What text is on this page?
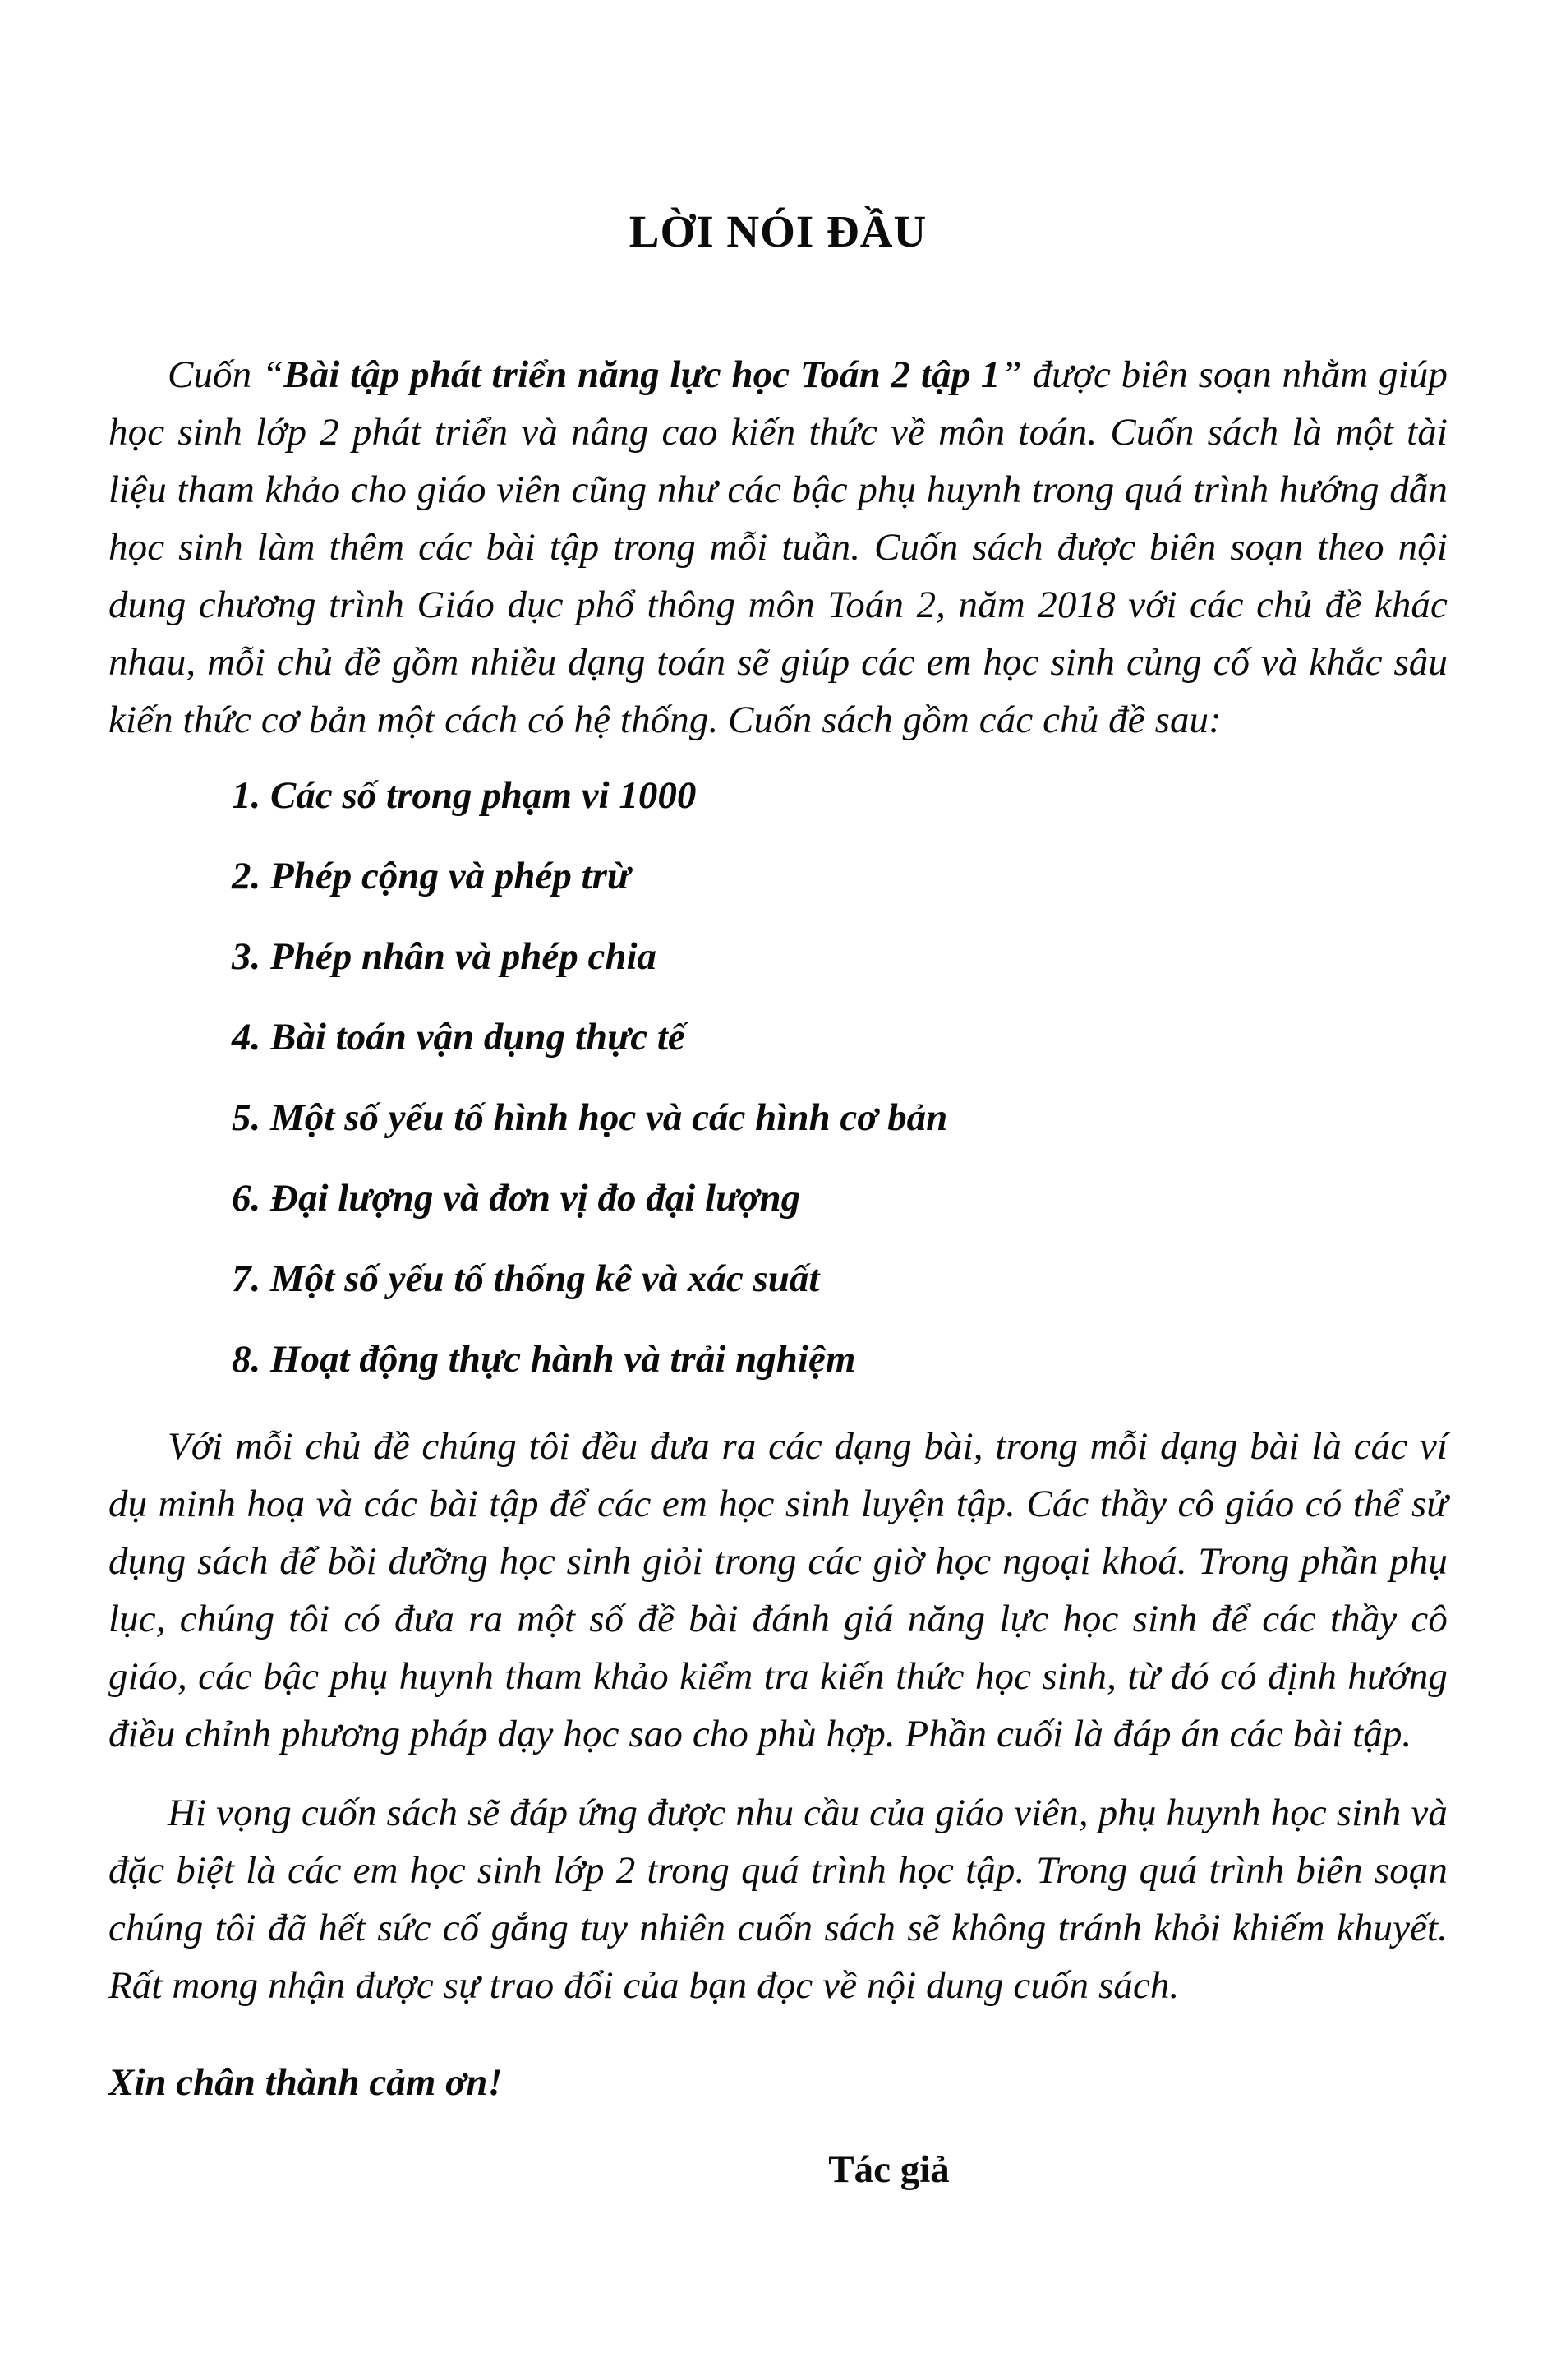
LỜI NÓI ĐẦU

Cuốn “Bài tập phát triển năng lực học Toán 2 tập 1” được biên soạn nhằm giúp học sinh lớp 2 phát triển và nâng cao kiến thức về môn toán. Cuốn sách là một tài liệu tham khảo cho giáo viên cũng như các bậc phụ huynh trong quá trình hướng dẫn học sinh làm thêm các bài tập trong mỗi tuần. Cuốn sách được biên soạn theo nội dung chương trình Giáo dục phổ thông môn Toán 2, năm 2018 với các chủ đề khác nhau, mỗi chủ đề gồm nhiều dạng toán sẽ giúp các em học sinh củng cố và khắc sâu kiến thức cơ bản một cách có hệ thống. Cuốn sách gồm các chủ đề sau:

1. Các số trong phạm vi 1000
2. Phép cộng và phép trừ
3. Phép nhân và phép chia
4. Bài toán vận dụng thực tế
5. Một số yếu tố hình học và các hình cơ bản
6. Đại lượng và đơn vị đo đại lượng
7. Một số yếu tố thống kê và xác suất
8. Hoạt động thực hành và trải nghiệm

Với mỗi chủ đề chúng tôi đều đưa ra các dạng bài, trong mỗi dạng bài là các ví dụ minh hoạ và các bài tập để các em học sinh luyện tập. Các thầy cô giáo có thể sử dụng sách để bồi dưỡng học sinh giỏi trong các giờ học ngoại khoá. Trong phần phụ lục, chúng tôi có đưa ra một số đề bài đánh giá năng lực học sinh để các thầy cô giáo, các bậc phụ huynh tham khảo kiểm tra kiến thức học sinh, từ đó có định hướng điều chỉnh phương pháp dạy học sao cho phù hợp. Phần cuối là đáp án các bài tập.

Hi vọng cuốn sách sẽ đáp ứng được nhu cầu của giáo viên, phụ huynh học sinh và đặc biệt là các em học sinh lớp 2 trong quá trình học tập. Trong quá trình biên soạn chúng tôi đã hết sức cố gắng tuy nhiên cuốn sách sẽ không tránh khỏi khiếm khuyết. Rất mong nhận được sự trao đổi của bạn đọc về nội dung cuốn sách.

Xin chân thành cảm ơn!

Tác giả
